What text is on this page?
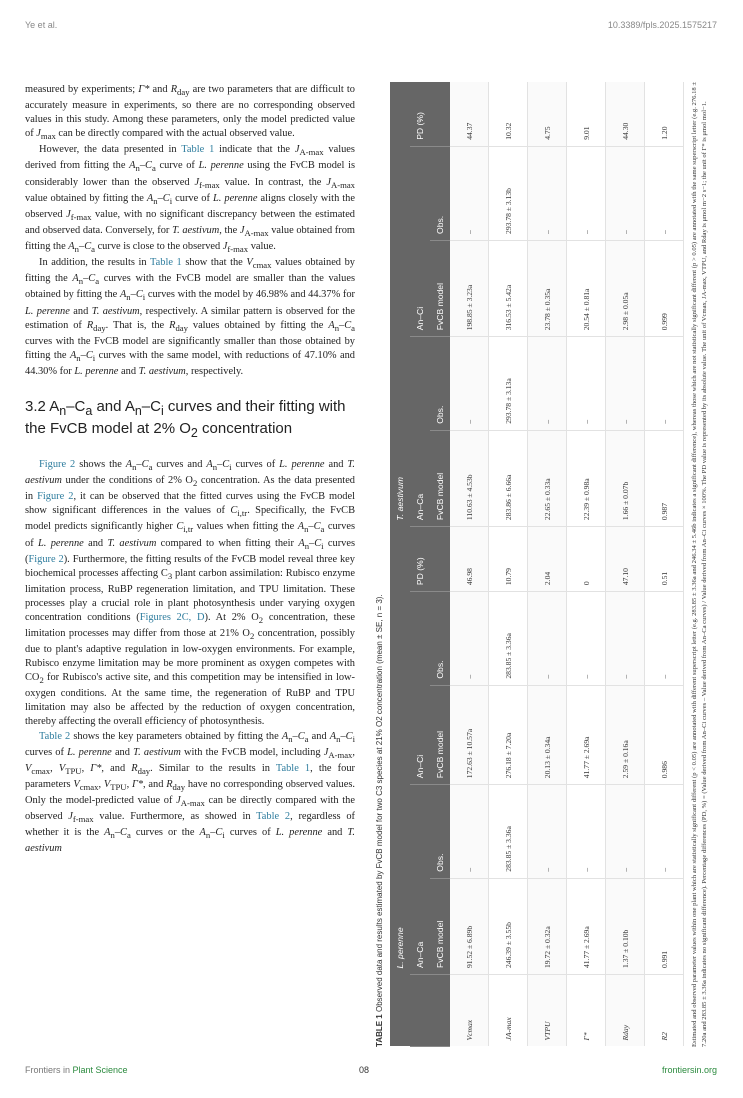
Ye et al.	10.3389/fpls.2025.1575217

measured by experiments; Γ* and $R_{day}$ are two parameters that are difficult to accurately measure in experiments, so there are no corresponding observed values in this study. Among these parameters, only the model predicted value of $J_{max}$ can be directly compared with the actual observed value.

However, the data presented in Table 1 indicate that the $J_{A-max}$ values derived from fitting the $A_n-C_a$ curve of L. perenne using the FvCB model is considerably lower than the observed $J_{f-max}$ value. In contrast, the $J_{A-max}$ value obtained by fitting the $A_n-C_i$ curve of L. perenne aligns closely with the observed $J_{f-max}$ value, with no significant discrepancy between the estimated and observed data. Conversely, for T. aestivum, the $J_{A-max}$ value obtained from fitting the $A_n-C_a$ curve is close to the observed $J_{f-max}$ value.

In addition, the results in Table 1 show that the $V_{cmax}$ values obtained by fitting the $A_n-C_a$ curves with the FvCB model are smaller than the values obtained by fitting the $A_n-C_i$ curves with the model by 46.98% and 44.37% for L. perenne and T. aestivum, respectively. A similar pattern is observed for the estimation of $R_{day}$. That is, the $R_{day}$ values obtained by fitting the $A_n-C_a$ curves with the FvCB model are significantly smaller than those obtained by fitting the $A_n-C_i$ curves with the same model, with reductions of 47.10% and 44.30% for L. perenne and T. aestivum, respectively.

3.2 $A_n-C_a$ and $A_n-C_i$ curves and their fitting with the FvCB model at 2% $O_2$ concentration

Figure 2 shows the $A_n-C_a$ curves and $A_n-C_i$ curves of L. perenne and T. aestivum under the conditions of 2% $O_2$ concentration. As the data presented in Figure 2, it can be observed that the fitted curves using the FvCB model show significant differences in the values of $C_{i,tr}$. Specifically, the FvCB model predicts significantly higher $C_{i,tr}$ values when fitting the $A_n-C_a$ curves of L. perenne and T. aestivum compared to when fitting their $A_n-C_i$ curves (Figure 2). Furthermore, the fitting results of the FvCB model reveal three key biochemical processes affecting $C_3$ plant carbon assimilation: Rubisco enzyme limitation process, RuBP regeneration limitation, and TPU limitation. These processes play a crucial role in plant photosynthesis under varying oxygen concentration conditions (Figures 2C, D). At 2% $O_2$ concentration, these limitation processes may differ from those at 21% $O_2$ concentration, possibly due to plant's adaptive regulation in low-oxygen environments. For example, Rubisco enzyme limitation may be more prominent as oxygen competes with $CO_2$ for Rubisco's active site, and this competition may be intensified in low-oxygen conditions. At the same time, the regeneration of RuBP and TPU limitation may also be affected by the reduction of oxygen concentration, thereby affecting the overall efficiency of photosynthesis.

Table 2 shows the key parameters obtained by fitting the $A_n-C_a$ and $A_n-C_i$ curves of L. perenne and T. aestivum with the FvCB model, including $J_{A-max}$, $V_{cmax}$, $V_{TPU}$, Γ*, and $R_{day}$. Similar to the results in Table 1, the four parameters $V_{cmax}$, $V_{TPU}$, Γ*, and $R_{day}$ have no corresponding observed values. Only the model-predicted value of $J_{A-max}$ can be directly compared with the observed $J_{f-max}$ value. Furthermore, as showed in Table 2, regardless of whether it is the $A_n-C_a$ curves or the $A_n-C_i$ curves of L. perenne and T. aestivum

TABLE 1 Observed data and results estimated by FvCB model for two C3 species at 21% O2 concentration (mean ± SE, n = 3).
		L. perenne					T. aestivum				
	An–Ca		An–Ci		PD (%)	An–Ca		An–Ci		PD (%)
	FvCB model	Obs.	FvCB model	Obs.		FvCB model	Obs.	FvCB model	Obs.	
Vcmax	91.52 ± 6.89b	–	172.63 ± 10.57a	–	46.98	110.63 ± 4.53b	–	198.85 ± 3.23a	–	44.37
JA-max	246.39 ± 3.55b	283.85 ± 3.36a	276.18 ± 7.20a	283.85 ± 3.36a	10.79	283.86 ± 6.66a	293.78 ± 3.13a	316.53 ± 5.42a	293.78 ± 3.13b	10.32
VTPU	19.72 ± 0.32a	–	20.13 ± 0.34a	–	2.04	22.65 ± 0.33a	–	23.78 ± 0.35a	–	4.75
Γ*	41.77 ± 2.69a	–	41.77 ± 2.69a	–	0	22.39 ± 0.98a	–	20.54 ± 0.81a	–	9.01
Rday	1.37 ± 0.10b	–	2.59 ± 0.16a	–	47.10	1.66 ± 0.07b	–	2.98 ± 0.05a	–	44.30
R2	0.991	–	0.986	–	0.51	0.987	–	0.999	–	1.20	Estimated and observed parameter values within one plant which are statistically significant different (p < 0.05) are annotated with different superscript letter (e.g. 283.85 ± 3.36a and 246.34 ± 5.46b indicates a significant difference), whereas those which are not statistically significant different (p > 0.05) are annotated with the same superscript letter (e.g. 276.18 ± 7.20a and 283.85 ± 3.36a indicates no significant difference). Percentage differences (PD, %) = (Value derived from An–Ci curves – Value derived from An–Ca curves) / Value derived from An–Ci curves × 100%. The PD value is represented by its absolute value. The unit of Vcmax, JA-max, VTPU, and Rday is μmol m−2 s−1; the unit of Γ* is μmol mol−1.
Frontiers in Plant Science	08	frontiersin.org
